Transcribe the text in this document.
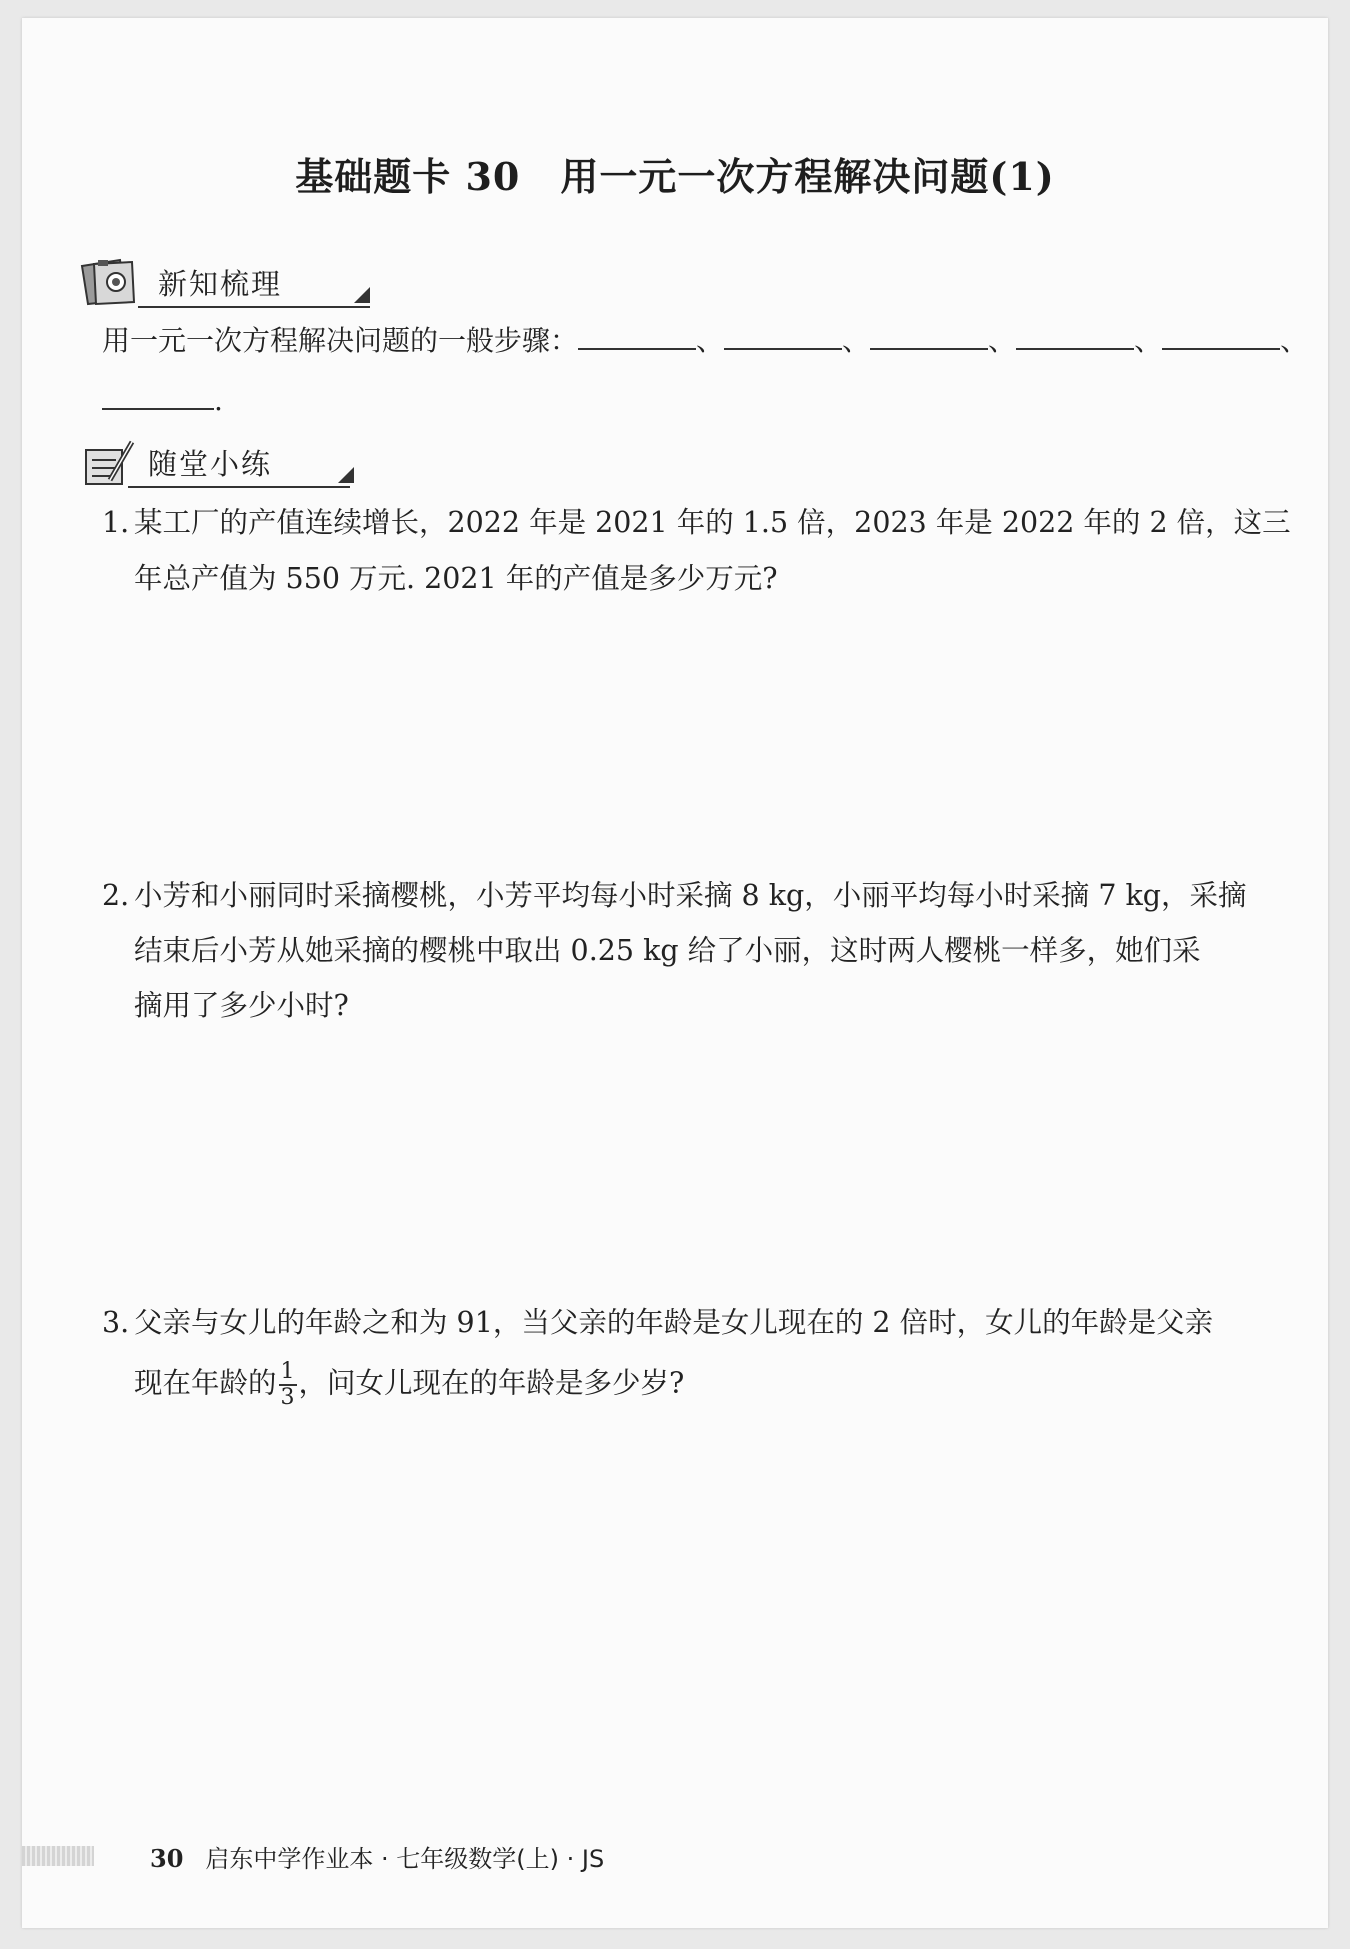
基础题卡 30 用一元一次方程解决问题(1)
新知梳理
用一元一次方程解决问题的一般步骤：	、	、	、	、	、
.
随堂小练
1. 某工厂的产值连续增长，2022 年是 2021 年的 1.5 倍，2023 年是 2022 年的 2 倍，这三
年总产值为 550 万元. 2021 年的产值是多少万元?
2. 小芳和小丽同时采摘樱桃，小芳平均每小时采摘 8 kg，小丽平均每小时采摘 7 kg，采摘
结束后小芳从她采摘的樱桃中取出 0.25 kg 给了小丽，这时两人樱桃一样多，她们采
摘用了多少小时?
3. 父亲与女儿的年龄之和为 91，当父亲的年龄是女儿现在的 2 倍时，女儿的年龄是父亲
现在年龄的 $\frac{1}{3}$ ，问女儿现在的年龄是多少岁?
30 启东中学作业本 · 七年级数学(上) · JS
